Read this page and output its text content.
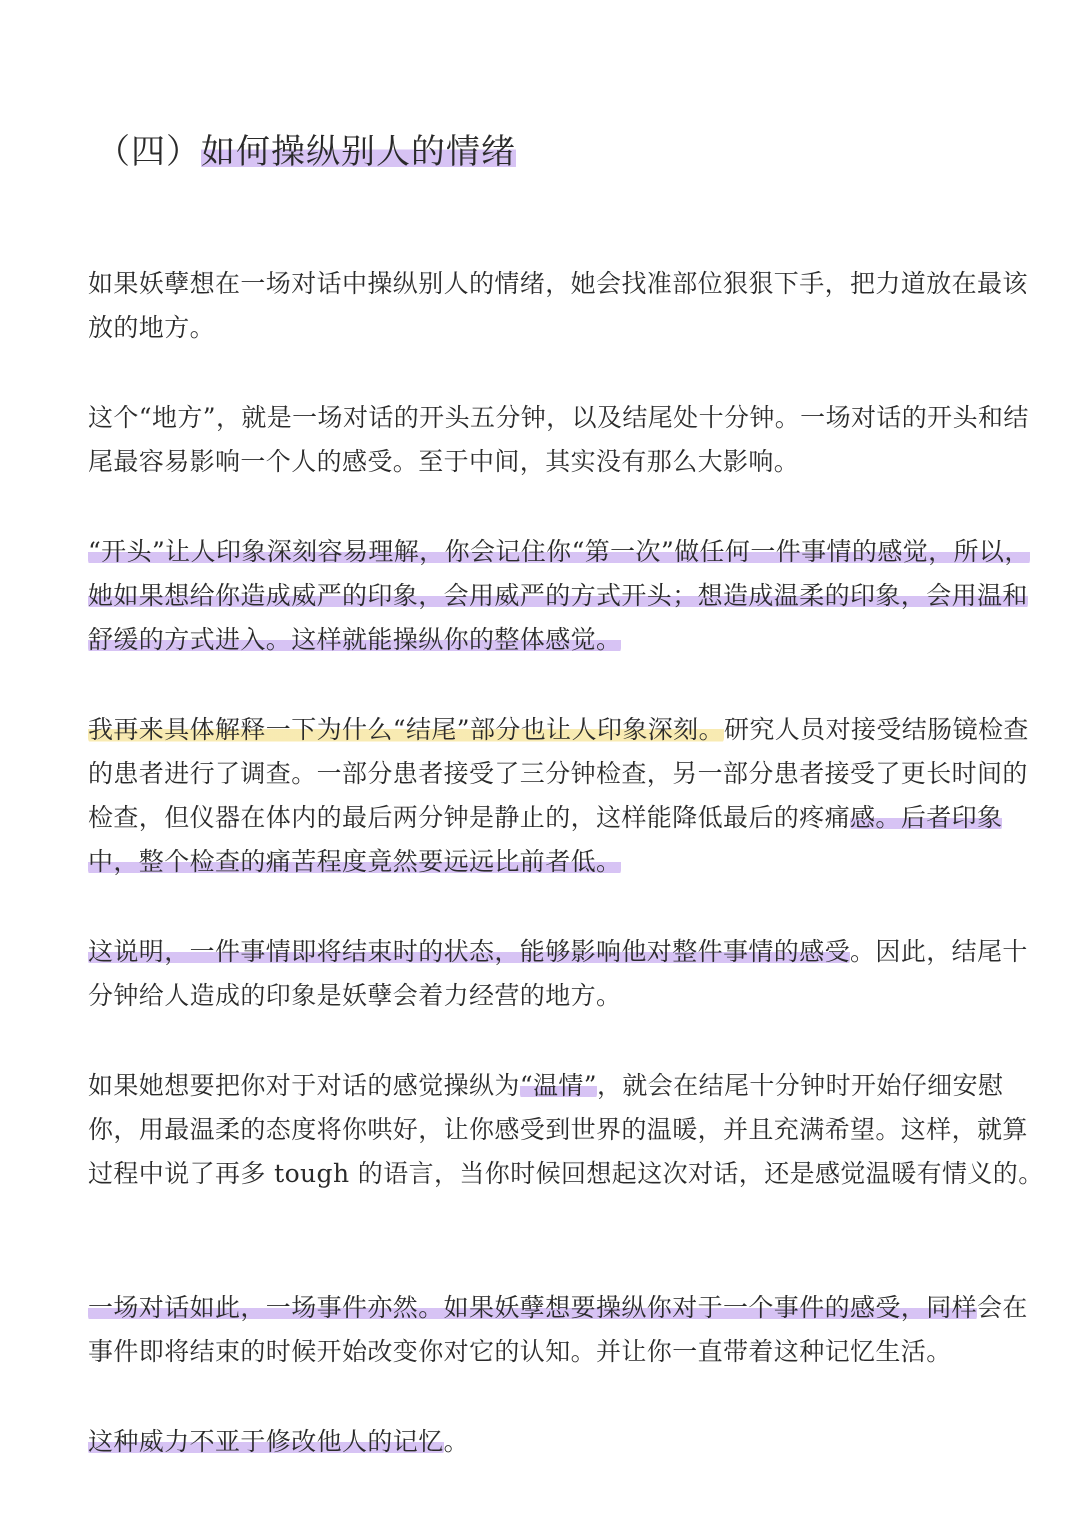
（四）如何操纵别人的情绪

如果妖孽想在一场对话中操纵别人的情绪，她会找准部位狠狠下手，把力道放在最该放的地方。

这个“地方”，就是一场对话的开头五分钟，以及结尾处十分钟。一场对话的开头和结尾最容易影响一个人的感受。至于中间，其实没有那么大影响。

“开头”让人印象深刻容易理解，你会记住你“第一次”做任何一件事情的感觉，所以，她如果想给你造成威严的印象，会用威严的方式开头；想造成温柔的印象，会用温和舒缓的方式进入。这样就能操纵你的整体感觉。

我再来具体解释一下为什么“结尾”部分也让人印象深刻。研究人员对接受结肠镜检查的患者进行了调查。一部分患者接受了三分钟检查，另一部分患者接受了更长时间的检查，但仪器在体内的最后两分钟是静止的，这样能降低最后的疼痛感。后者印象中，整个检查的痛苦程度竟然要远远比前者低。

这说明，一件事情即将结束时的状态，能够影响他对整件事情的感受。因此，结尾十分钟给人造成的印象是妖孽会着力经营的地方。

如果她想要把你对于对话的感觉操纵为“温情”，就会在结尾十分钟时开始仔细安慰你，用最温柔的态度将你哄好，让你感受到世界的温暖，并且充满希望。这样，就算过程中说了再多 tough 的语言，当你时候回想起这次对话，还是感觉温暖有情义的。

一场对话如此，一场事件亦然。如果妖孽想要操纵你对于一个事件的感受，同样会在事件即将结束的时候开始改变你对它的认知。并让你一直带着这种记忆生活。

这种威力不亚于修改他人的记忆。
